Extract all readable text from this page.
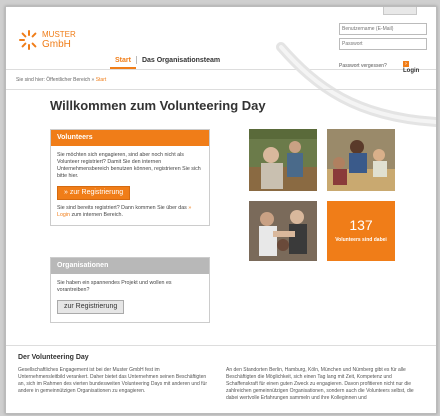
MUSTER
GmbH
Benutzername (E-Mail)
Passwort vergessen?	›Login
Start Das Organisationsteam
Sie sind hier: Öffentlicher Bereich » Start
Willkommen zum Volunteering Day
Volunteers
Sie möchten sich engagieren, sind aber noch nicht als Volunteer registriert? Damit Sie den internen Unternehmensbereich benutzen können, registrieren Sie sich bitte hier.
» zur Registrierung
Sie sind bereits registriert? Dann kommen Sie über das » Login zum internen Bereich.
Organisationen
Sie haben ein spannendes Projekt und wollen es vorantreiben?
zur Registrierung
137
Volunteers sind dabei
Der Volunteering Day
Gesellschaftliches Engagement ist bei der Muster GmbH fest im Unternehmensleitbild verankert. Daher bietet das Unternehmen seinen Beschäftigten an, sich im Rahmen des vierten bundesweiten Volunteering Days mit anderen und für andere in gemeinnützigen Organisationen zu engagieren.
An den Standorten Berlin, Hamburg, Köln, München und Nürnberg gibt es für alle Beschäftigten die Möglichkeit, sich einen Tag lang mit Zeit, Kompetenz und Schaffenskraft für einen guten Zweck zu engagieren. Davon profitieren nicht nur die zahlreichen gemeinnützigen Organisationen, sondern auch die Volunteers selbst, die dabei wertvolle Erfahrungen sammeln und ihre Kolleginnen und
